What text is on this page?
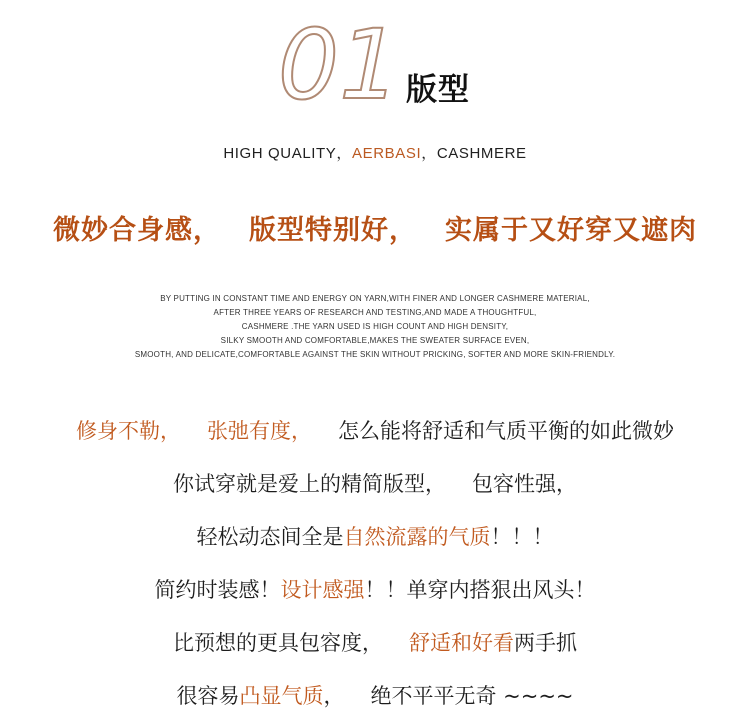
01 版型
HIGH QUALITY，AERBASI，CASHMERE
微妙合身感， 版型特别好， 实属于又好穿又遮肉
BY PUTTING IN CONSTANT TIME AND ENERGY ON YARN,WITH FINER AND LONGER CASHMERE MATERIAL,
AFTER THREE YEARS OF RESEARCH AND TESTING,AND MADE A THOUGHTFUL,
CASHMERE .THE YARN USED IS HIGH COUNT AND HIGH DENSITY,
SILKY SMOOTH AND COMFORTABLE,MAKES THE SWEATER SURFACE EVEN,
SMOOTH, AND DELICATE,COMFORTABLE AGAINST THE SKIN WITHOUT PRICKING, SOFTER AND MORE SKIN-FRIENDLY.
修身不勒， 张弛有度， 怎么能将舒适和气质平衡的如此微妙
你试穿就是爱上的精简版型， 包容性强，
轻松动态间全是自然流露的气质！！！
简约时装感！设计感强！！单穿内搭狠出风头！
比预想的更具包容度， 舒适和好看两手抓
很容易凸显气质， 绝不平平无奇 ~~~~
